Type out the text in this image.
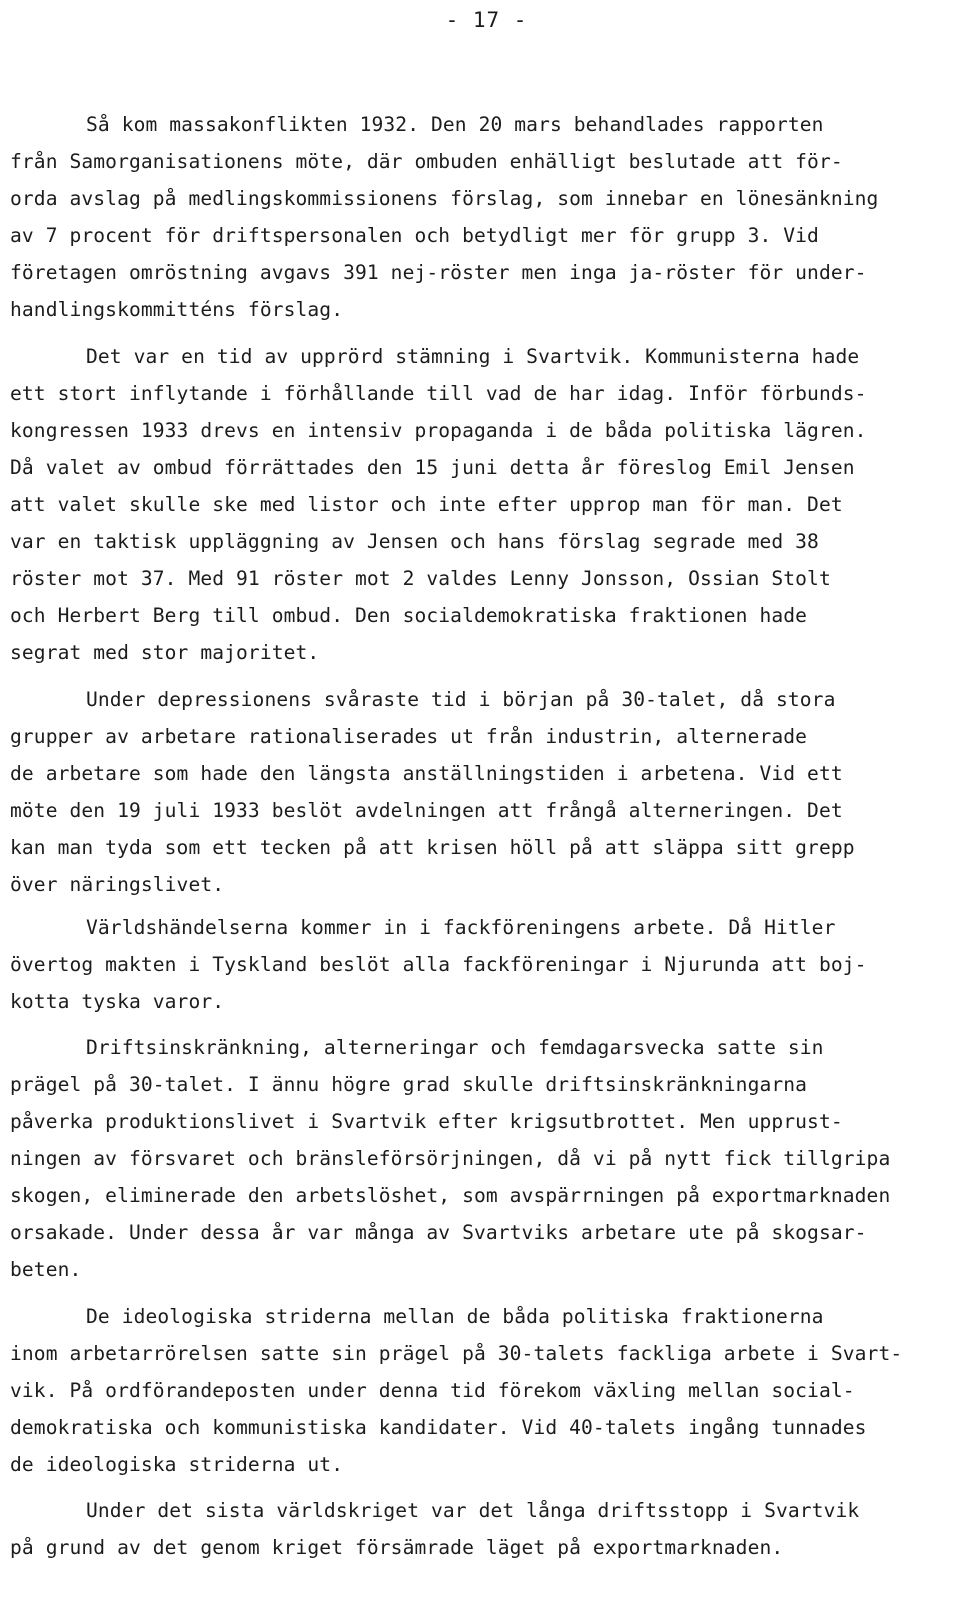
- 17 -
Så kom massakonflikten 1932. Den 20 mars behandlades rapporten
från Samorganisationens möte, där ombuden enhälligt beslutade att för-
orda avslag på medlingskommissionens förslag, som innebar en lönesänkning
av 7 procent för driftspersonalen och betydligt mer för grupp 3. Vid
företagen omröstning avgavs 391 nej-röster men inga ja-röster för under-
handlingskommitténs förslag.
Det var en tid av upprörd stämning i Svartvik. Kommunisterna hade
ett stort inflytande i förhållande till vad de har idag. Inför förbunds-
kongressen 1933 drevs en intensiv propaganda i de båda politiska lägren.
Då valet av ombud förrättades den 15 juni detta år föreslog Emil Jensen
att valet skulle ske med listor och inte efter upprop man för man. Det
var en taktisk uppläggning av Jensen och hans förslag segrade med 38
röster mot 37. Med 91 röster mot 2 valdes Lenny Jonsson, Ossian Stolt
och Herbert Berg till ombud. Den socialdemokratiska fraktionen hade
segrat med stor majoritet.
Under depressionens svåraste tid i början på 30-talet, då stora
grupper av arbetare rationaliserades ut från industrin, alternerade
de arbetare som hade den längsta anställningstiden i arbetena. Vid ett
möte den 19 juli 1933 beslöt avdelningen att frångå alterneringen. Det
kan man tyda som ett tecken på att krisen höll på att släppa sitt grepp
över näringslivet.
Världshändelserna kommer in i fackföreningens arbete. Då Hitler
övertog makten i Tyskland beslöt alla fackföreningar i Njurunda att boj-
kotta tyska varor.
Driftsinskränkning, alterneringar och femdagarsvecka satte sin
prägel på 30-talet. I ännu högre grad skulle driftsinskränkningarna
påverka produktionslivet i Svartvik efter krigsutbrottet. Men upprust-
ningen av försvaret och bränsleförsörjningen, då vi på nytt fick tillgripa
skogen, eliminerade den arbetslöshet, som avspärrningen på exportmarknaden
orsakade. Under dessa år var många av Svartviks arbetare ute på skogsar-
beten.
De ideologiska striderna mellan de båda politiska fraktionerna
inom arbetarrörelsen satte sin prägel på 30-talets fackliga arbete i Svart-
vik. På ordförandeposten under denna tid förekom växling mellan social-
demokratiska och kommunistiska kandidater. Vid 40-talets ingång tunnades
de ideologiska striderna ut.
Under det sista världskriget var det långa driftsstopp i Svartvik
på grund av det genom kriget försämrade läget på exportmarknaden.
